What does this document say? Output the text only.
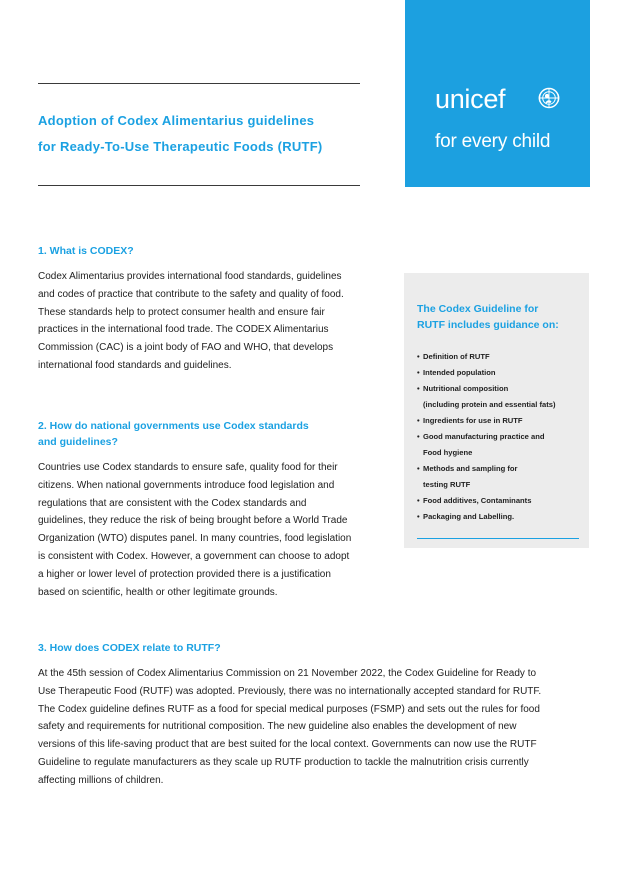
Adoption of Codex Alimentarius guidelines
for Ready-To-Use Therapeutic Foods (RUTF)
unicef
for every child
1. What is CODEX?

Codex Alimentarius provides international food standards, guidelines
and codes of practice that contribute to the safety and quality of food.
These standards help to protect consumer health and ensure fair
practices in the international food trade. The CODEX Alimentarius
Commission (CAC) is a joint body of FAO and WHO, that develops
international food standards and guidelines.

2. How do national governments use Codex standards
and guidelines?

Countries use Codex standards to ensure safe, quality food for their
citizens. When national governments introduce food legislation and
regulations that are consistent with the Codex standards and
guidelines, they reduce the risk of being brought before a World Trade
Organization (WTO) disputes panel. In many countries, food legislation
is consistent with Codex. However, a government can choose to adopt
a higher or lower level of protection provided there is a justification
based on scientific, health or other legitimate grounds.

The Codex Guideline for
RUTF includes guidance on:
• Definition of RUTF
• Intended population
• Nutritional composition
(including protein and essential fats)
• Ingredients for use in RUTF
• Good manufacturing practice and
Food hygiene
• Methods and sampling for
testing RUTF
• Food additives, Contaminants
• Packaging and Labelling.
3. How does CODEX relate to RUTF?

At the 45th session of Codex Alimentarius Commission on 21 November 2022, the Codex Guideline for Ready to
Use Therapeutic Food (RUTF) was adopted. Previously, there was no internationally accepted standard for RUTF.
The Codex guideline defines RUTF as a food for special medical purposes (FSMP) and sets out the rules for food
safety and requirements for nutritional composition. The new guideline also enables the development of new
versions of this life-saving product that are best suited for the local context. Governments can now use the RUTF
Guideline to regulate manufacturers as they scale up RUTF production to tackle the malnutrition crisis currently
affecting millions of children.
